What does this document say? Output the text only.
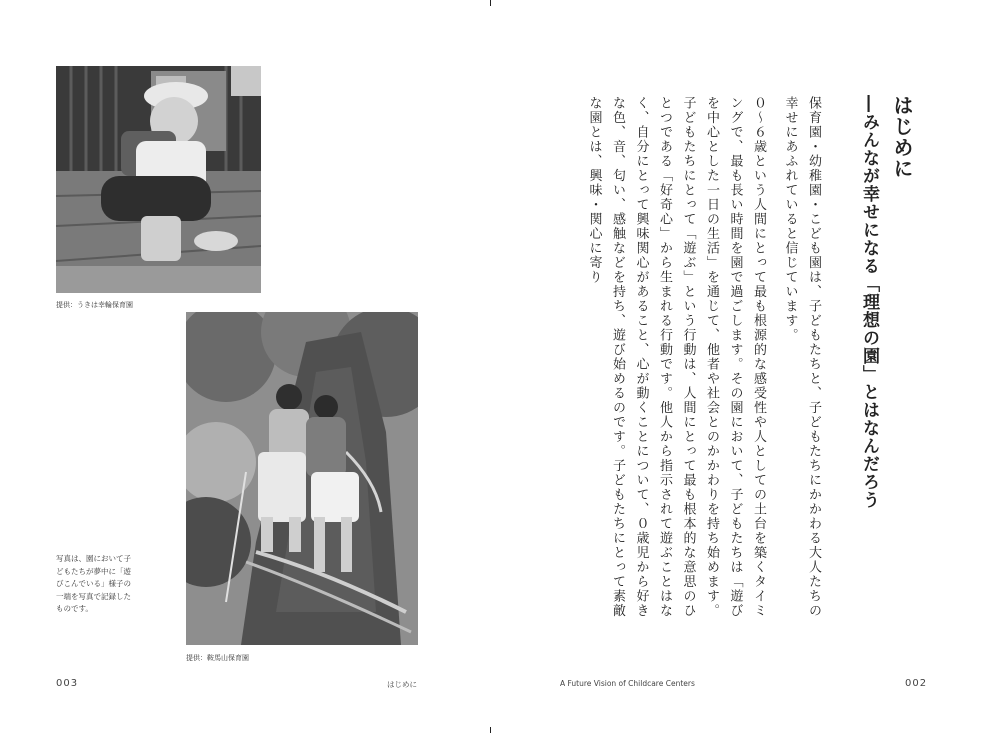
提供：うきは幸輪保育園
提供：鞍馬山保育園
写真は、園において子どもたちが夢中に「遊びこんでいる」様子の一端を写真で記録したものです。
003	はじめに
はじめに
―みんなが幸せになる「理想の園」とはなんだろう

保育園・幼稚園・こども園は、子どもたちと、子どもたちにかかわる大人たちの幸せにあふれていると信じています。

０～６歳という人間にとって最も根源的な感受性や人としての土台を築くタイミングで、最も長い時間を園で過ごします。その園において、子どもたちは「遊びを中心とした一日の生活」を通じて、他者や社会とのかかわりを持ち始めます。子どもたちにとって「遊ぶ」という行動は、人間にとって最も根本的な意思のひとつである「好奇心」から生まれる行動です。他人から指示されて遊ぶことはなく、自分にとって興味関心があること、心が動くことについて、０歳児から好きな色、音、匂い、感触などを持ち、遊び始めるのです。子どもたちにとって素敵な園とは、興味・関心に寄り

A Future Vision of Childcare Centers	002
